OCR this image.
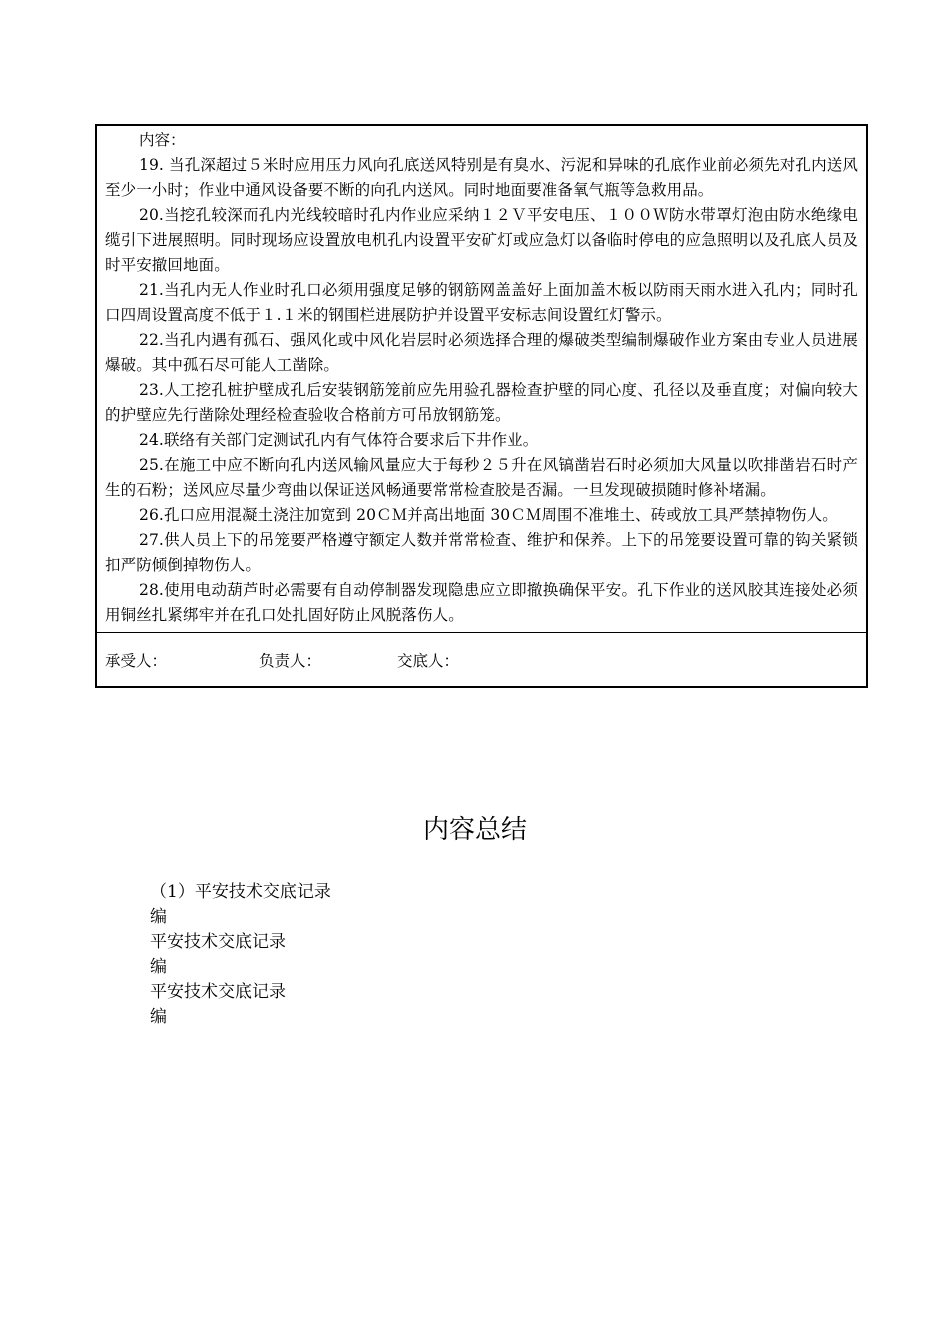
内容：

19. 当孔深超过５米时应用压力风向孔底送风特别是有臭水、污泥和异味的孔底作业前必须先对孔内送风至少一小时；作业中通风设备要不断的向孔内送风。同时地面要准备氧气瓶等急救用品。

20.当挖孔较深而孔内光线较暗时孔内作业应采纳１２Ｖ平安电压、１００Ｗ防水带罩灯泡由防水绝缘电缆引下进展照明。同时现场应设置放电机孔内设置平安矿灯或应急灯以备临时停电的应急照明以及孔底人员及时平安撤回地面。

21.当孔内无人作业时孔口必须用强度足够的钢筋网盖盖好上面加盖木板以防雨天雨水进入孔内；同时孔口四周设置高度不低于１.１米的钢围栏进展防护并设置平安标志间设置红灯警示。

22.当孔内遇有孤石、强风化或中风化岩层时必须选择合理的爆破类型编制爆破作业方案由专业人员进展爆破。其中孤石尽可能人工凿除。

23.人工挖孔桩护壁成孔后安装钢筋笼前应先用验孔器检查护壁的同心度、孔径以及垂直度；对偏向较大的护壁应先行凿除处理经检查验收合格前方可吊放钢筋笼。

24.联络有关部门定测试孔内有气体符合要求后下井作业。

25.在施工中应不断向孔内送风输风量应大于每秒２５升在风镐凿岩石时必须加大风量以吹排凿岩石时产生的石粉；送风应尽量少弯曲以保证送风畅通要常常检查胶是否漏。一旦发现破损随时修补堵漏。

26.孔口应用混凝土浇注加宽到 20ＣＭ并高出地面 30ＣＭ周围不准堆土、砖或放工具严禁掉物伤人。

27.供人员上下的吊笼要严格遵守额定人数并常常检查、维护和保养。上下的吊笼要设置可靠的钩关紧锁扣严防倾倒掉物伤人。

28.使用电动葫芦时必需要有自动停制器发现隐患应立即撤换确保平安。孔下作业的送风胶其连接处必须用铜丝扎紧绑牢并在孔口处扎固好防止风脱落伤人。

承受人：	负责人：	交底人：
内容总结
（1）平安技术交底记录
编
平安技术交底记录
编
平安技术交底记录
编
